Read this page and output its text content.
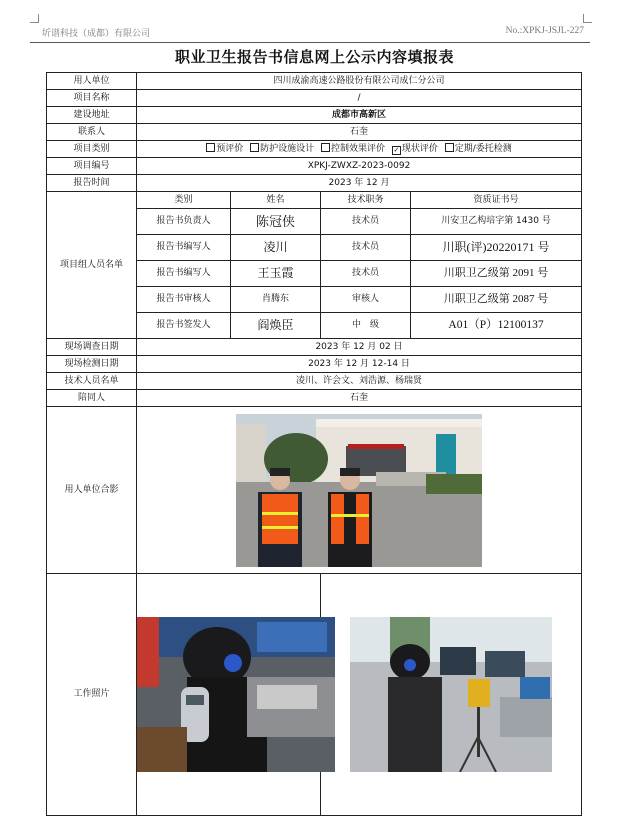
圻谱科技（成都）有限公司	No.:XPKJ-JSJL-227
职业卫生报告书信息网上公示内容填报表
用人单位	四川成渝高速公路股份有限公司成仁分公司			
项目名称	/			
建设地址	成都市高新区			
联系人	石奎			
项目类别	预评价 防护设施设计 控制效果评价 ✓ 现状评价 定期/委托检测			
项目编号	XPKJ-ZWXZ-2023-0092			
报告时间	2023 年 12 月			
项目组人员名单	类别	姓名	技术职务	资质证书号
	报告书负责人	陈冠侠	技术员	川安卫乙构培字第 1430 号
	报告书编写人	凌川	技术员	川职(评)20220171 号
	报告书编写人	王玉霞	技术员	川职卫乙级第 2091 号
	报告书审核人	肖腾东	审核人	川职卫乙级第 2087 号
	报告书签发人	阎焕臣	中　级	A01（P）12100137
现场调查日期	2023 年 12 月 02 日			
现场检测日期	2023 年 12 月 12-14 日			
技术人员名单	凌川、许会文、刘浩源、杨瑞贤			
陪同人	石奎			
用人单位合影	

工作照片	
